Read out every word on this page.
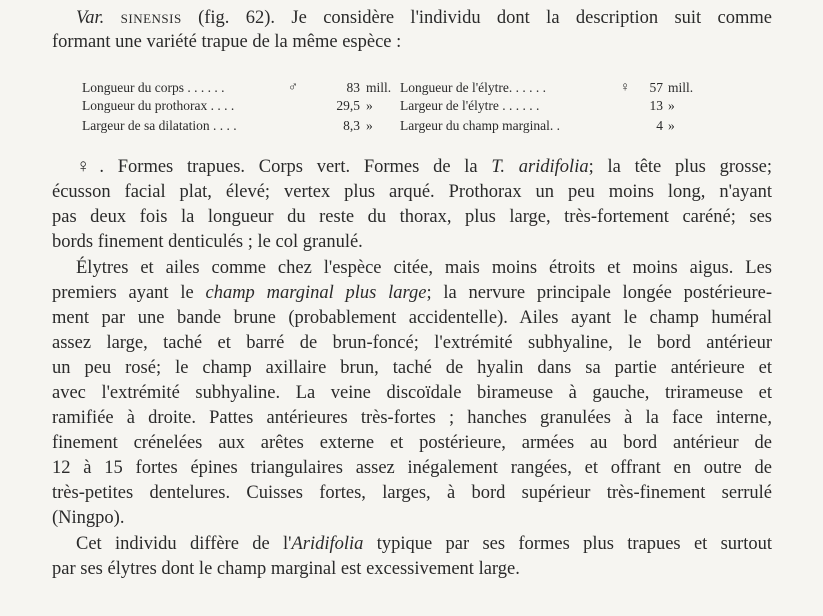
Var. sinensis (fig. 62). Je considère l'individu dont la description suit comme
formant une variété trapue de la même espèce :
Longueur du corps . . . . . .	♂	83 mill. Longueur de l'élytre. . . . . .	♀	57 mill.
Longueur du prothorax . . . .	29,5 » Largeur de l'élytre . . . . . .	13 »
Largeur de sa dilatation . . . .	8,3 » Largeur du champ marginal. .	4 »
♀. Formes trapues. Corps vert. Formes de la T. aridifolia; la tête plus grosse;
écusson facial plat, élevé; vertex plus arqué. Prothorax un peu moins long, n'ayant
pas deux fois la longueur du reste du thorax, plus large, très-fortement caréné; ses
bords finement denticulés ; le col granulé.
Élytres et ailes comme chez l'espèce citée, mais moins étroits et moins aigus. Les
premiers ayant le champ marginal plus large; la nervure principale longée postérieure-
ment par une bande brune (probablement accidentelle). Ailes ayant le champ huméral
assez large, taché et barré de brun-foncé; l'extrémité subhyaline, le bord antérieur
un peu rosé; le champ axillaire brun, taché de hyalin dans sa partie antérieure et
avec l'extrémité subhyaline. La veine discoïdale birameuse à gauche, trirameuse et
ramifiée à droite. Pattes antérieures très-fortes ; hanches granulées à la face interne,
finement crénelées aux arêtes externe et postérieure, armées au bord antérieur de
12 à 15 fortes épines triangulaires assez inégalement rangées, et offrant en outre de
très-petites dentelures. Cuisses fortes, larges, à bord supérieur très-finement serrulé
(Ningpo).
Cet individu diffère de l'Aridifolia typique par ses formes plus trapues et surtout
par ses élytres dont le champ marginal est excessivement large.
